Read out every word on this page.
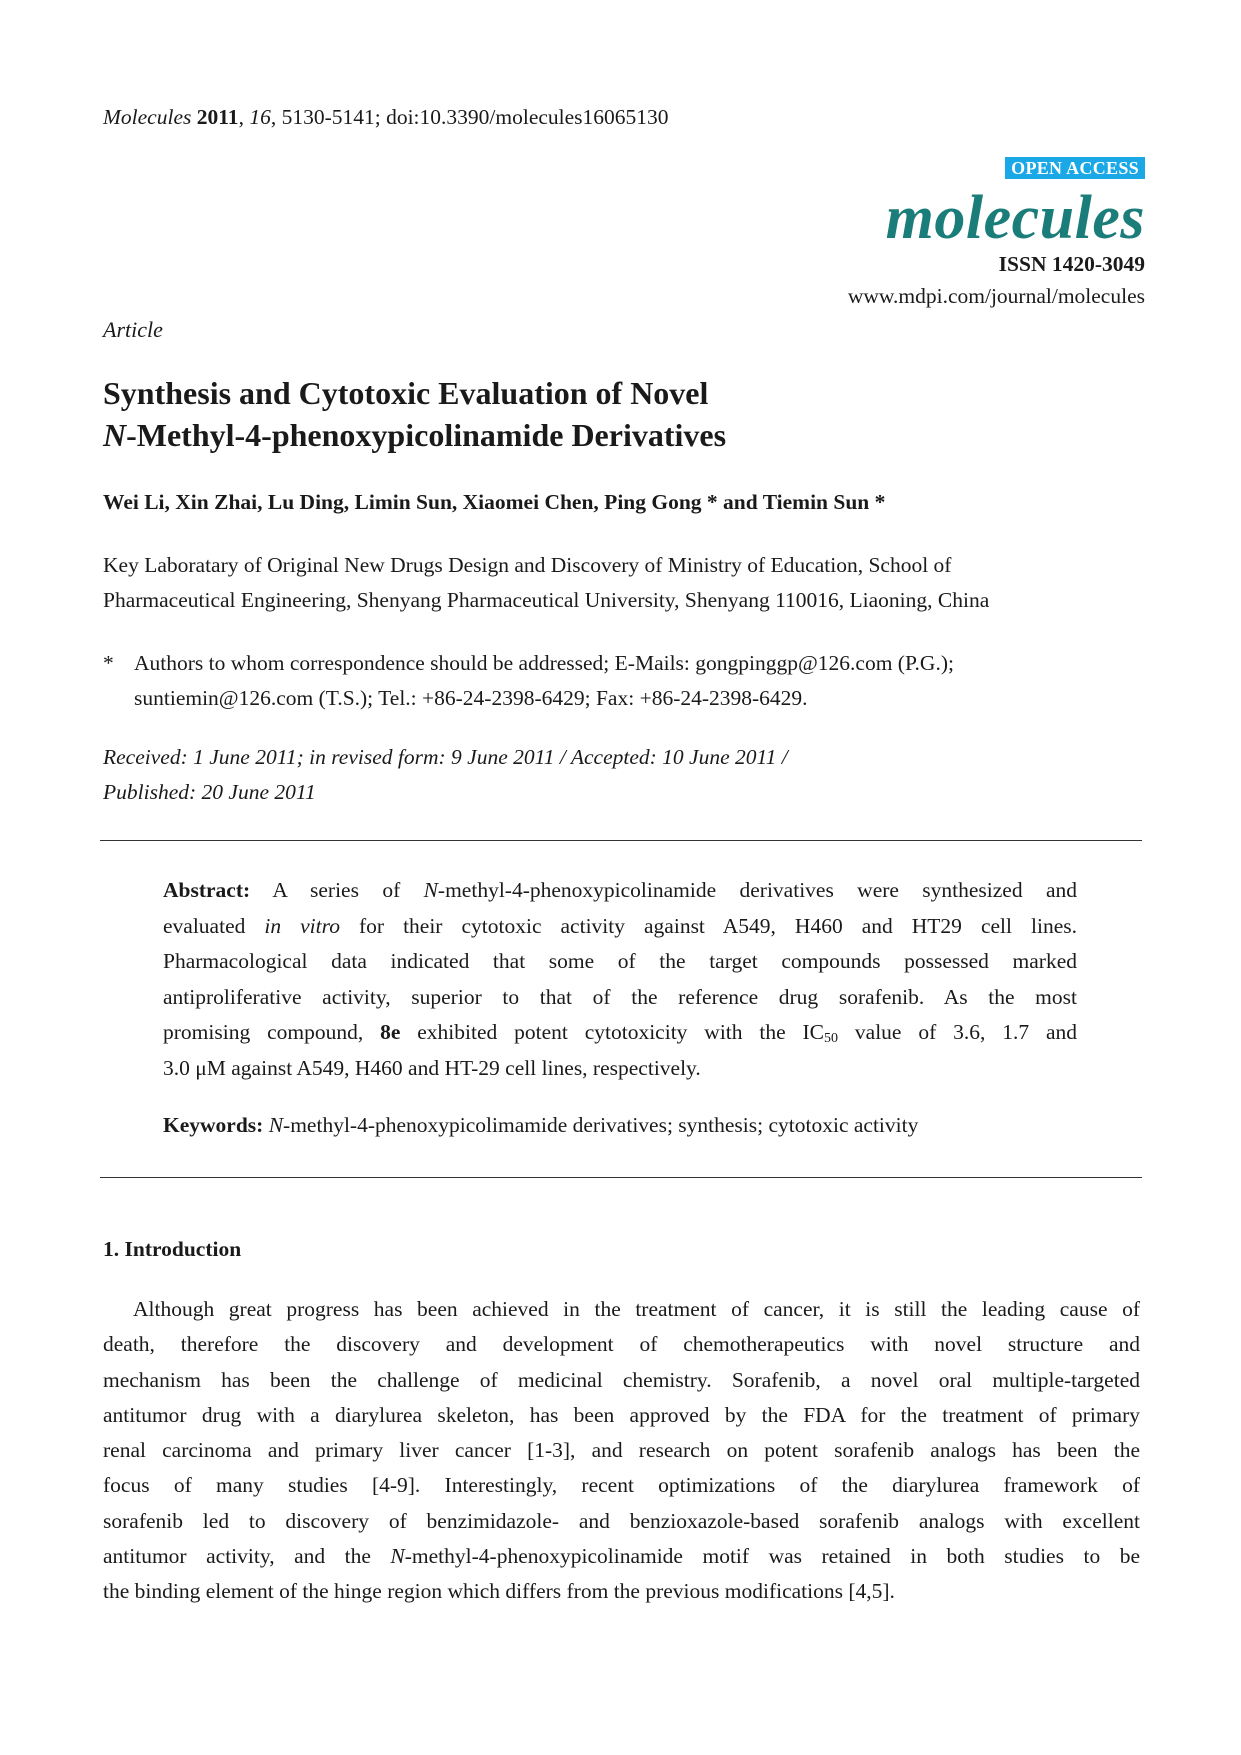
Molecules 2011, 16, 5130-5141; doi:10.3390/molecules16065130
OPEN ACCESS
molecules
ISSN 1420-3049
www.mdpi.com/journal/molecules
Article
Synthesis and Cytotoxic Evaluation of Novel
N-Methyl-4-phenoxypicolinamide Derivatives
Wei Li, Xin Zhai, Lu Ding, Limin Sun, Xiaomei Chen, Ping Gong * and Tiemin Sun *
Key Laboratary of Original New Drugs Design and Discovery of Ministry of Education, School of
Pharmaceutical Engineering, Shenyang Pharmaceutical University, Shenyang 110016, Liaoning, China
* Authors to whom correspondence should be addressed; E-Mails: gongpinggp@126.com (P.G.);
suntiemin@126.com (T.S.); Tel.: +86-24-2398-6429; Fax: +86-24-2398-6429.
Received: 1 June 2011; in revised form: 9 June 2011 / Accepted: 10 June 2011 /
Published: 20 June 2011
Abstract: A series of N-methyl-4-phenoxypicolinamide derivatives were synthesized and
evaluated in vitro for their cytotoxic activity against A549, H460 and HT29 cell lines.
Pharmacological data indicated that some of the target compounds possessed marked
antiproliferative activity, superior to that of the reference drug sorafenib. As the most
promising compound, 8e exhibited potent cytotoxicity with the $IC_{50}$ value of 3.6, 1.7 and
3.0 μM against A549, H460 and HT-29 cell lines, respectively.
Keywords: N-methyl-4-phenoxypicolimamide derivatives; synthesis; cytotoxic activity
1. Introduction
Although great progress has been achieved in the treatment of cancer, it is still the leading cause of
death, therefore the discovery and development of chemotherapeutics with novel structure and
mechanism has been the challenge of medicinal chemistry. Sorafenib, a novel oral multiple-targeted
antitumor drug with a diarylurea skeleton, has been approved by the FDA for the treatment of primary
renal carcinoma and primary liver cancer [1-3], and research on potent sorafenib analogs has been the
focus of many studies [4-9]. Interestingly, recent optimizations of the diarylurea framework of
sorafenib led to discovery of benzimidazole- and benzioxazole-based sorafenib analogs with excellent
antitumor activity, and the N-methyl-4-phenoxypicolinamide motif was retained in both studies to be
the binding element of the hinge region which differs from the previous modifications [4,5].
